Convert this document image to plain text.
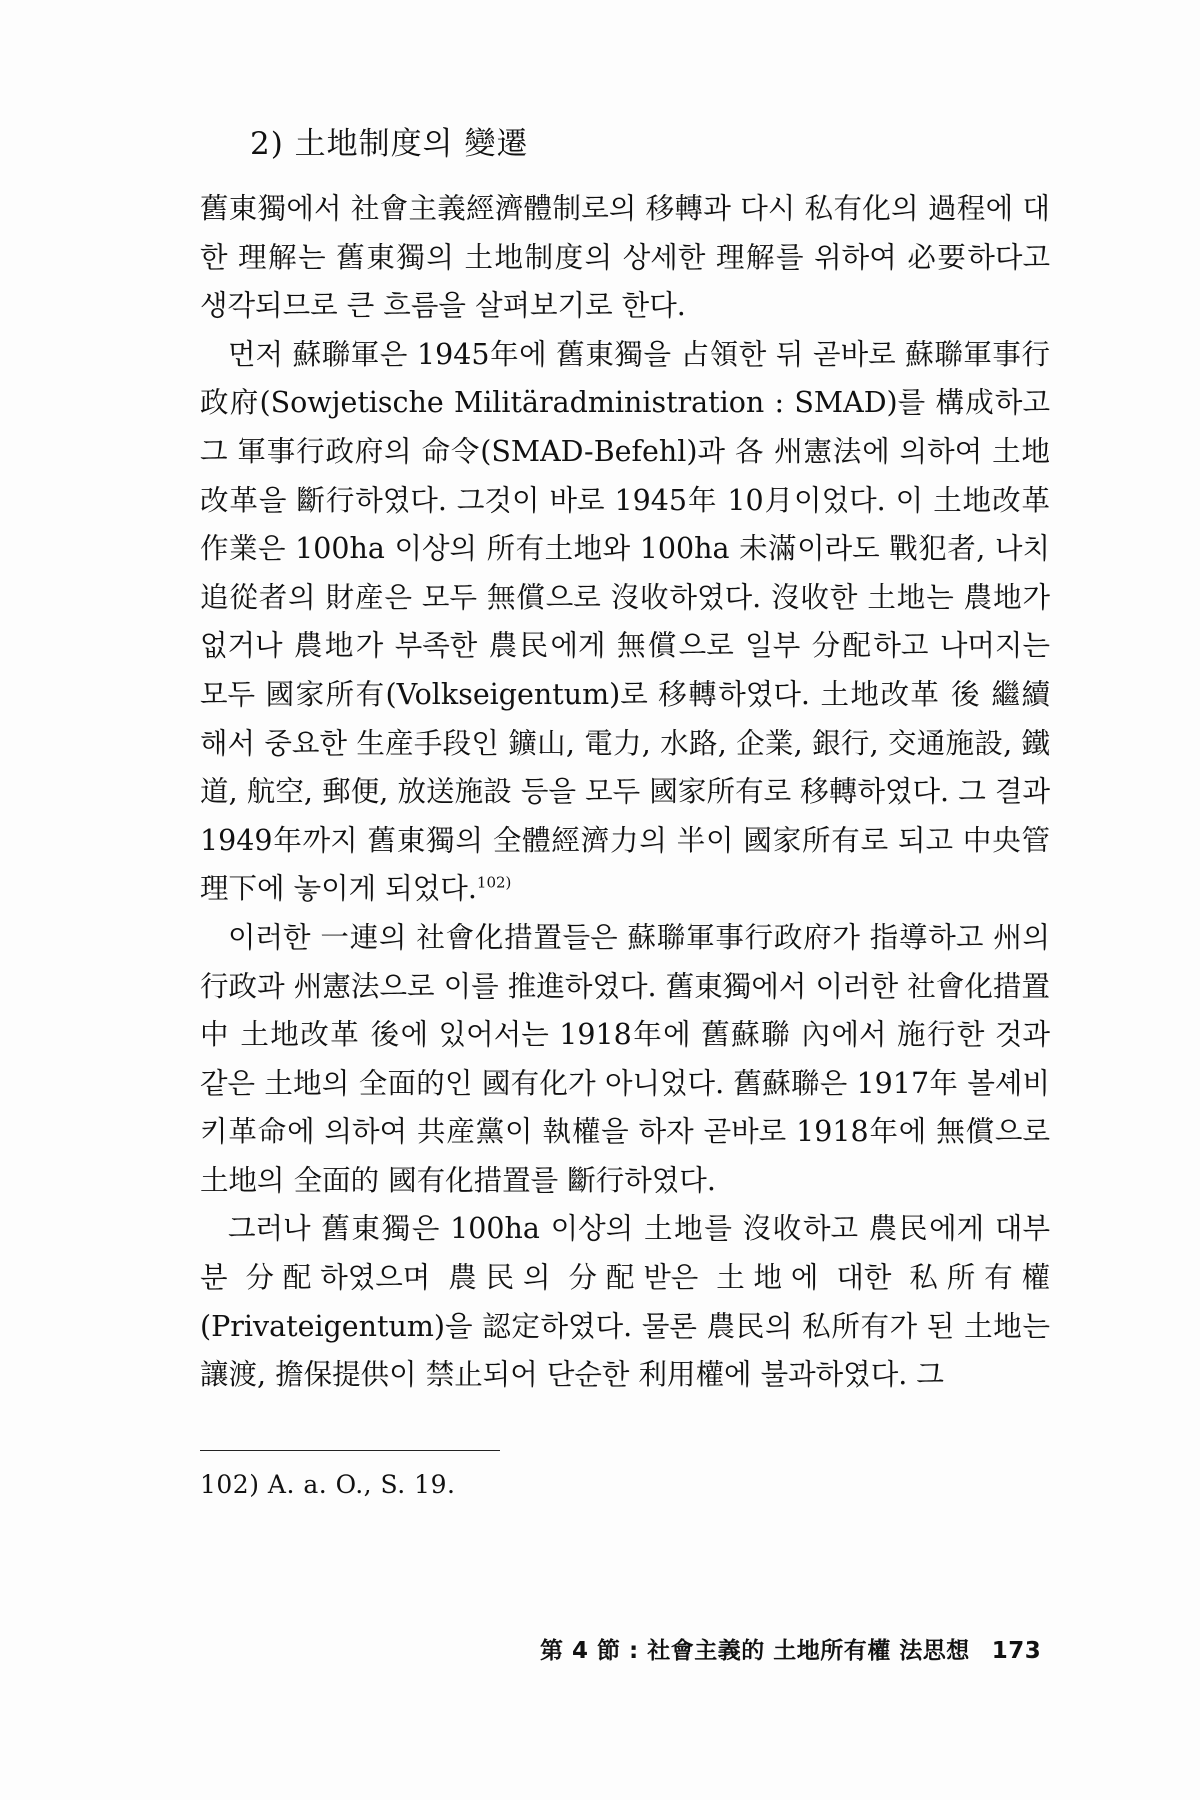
2) 土地制度의 變遷

舊東獨에서 社會主義經濟體制로의 移轉과 다시 私有化의 過程에 대한 理解는 舊東獨의 土地制度의 상세한 理解를 위하여 必要하다고 생각되므로 큰 흐름을 살펴보기로 한다.

먼저 蘇聯軍은 1945年에 舊東獨을 占領한 뒤 곧바로 蘇聯軍事行政府(Sowjetische Militäradministration : SMAD)를 構成하고 그 軍事行政府의 命令(SMAD-Befehl)과 各 州憲法에 의하여 土地改革을 斷行하였다. 그것이 바로 1945年 10月이었다. 이 土地改革作業은 100ha 이상의 所有土地와 100ha 未滿이라도 戰犯者, 나치追從者의 財産은 모두 無償으로 沒收하였다. 沒收한 土地는 農地가 없거나 農地가 부족한 農民에게 無償으로 일부 分配하고 나머지는 모두 國家所有(Volkseigentum)로 移轉하였다. 土地改革 後 繼續해서 중요한 生産手段인 鑛山, 電力, 水路, 企業, 銀行, 交通施設, 鐵道, 航空, 郵便, 放送施設 등을 모두 國家所有로 移轉하였다. 그 결과 1949年까지 舊東獨의 全體經濟力의 半이 國家所有로 되고 中央管理下에 놓이게 되었다.$^{102)}$

이러한 一連의 社會化措置들은 蘇聯軍事行政府가 指導하고 州의 行政과 州憲法으로 이를 推進하였다. 舊東獨에서 이러한 社會化措置 中 土地改革 後에 있어서는 1918年에 舊蘇聯 內에서 施行한 것과 같은 土地의 全面的인 國有化가 아니었다. 舊蘇聯은 1917年 볼셰비키革命에 의하여 共産黨이 執權을 하자 곧바로 1918年에 無償으로 土地의 全面的 國有化措置를 斷行하였다.

그러나 舊東獨은 100ha 이상의 土地를 沒收하고 農民에게 대부분 分配하였으며 農民의 分配받은 土地에 대한 私所有權(Privateigentum)을 認定하였다. 물론 農民의 私所有가 된 土地는 讓渡, 擔保提供이 禁止되어 단순한 利用權에 불과하였다. 그

102) A. a. O., S. 19.
第 4 節 : 社會主義的 土地所有權 法思想 173
